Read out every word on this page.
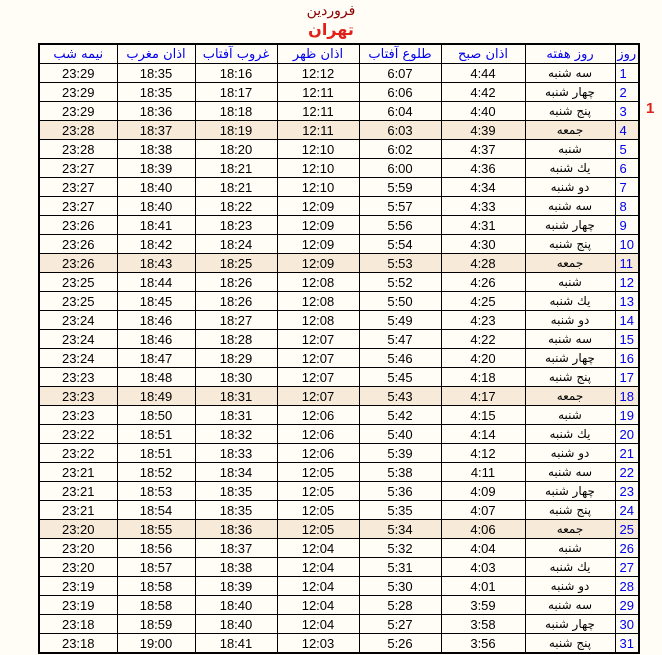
فروردين
تهران
1
روز	روز هفته	اذان صبح	طلوع آفتاب	اذان ظهر	غروب آفتاب	اذان مغرب	نيمه شب
1	سه شنبه	4:44	6:07	12:12	18:16	18:35	23:29
2	چهار شنبه	4:42	6:06	12:11	18:17	18:35	23:29
3	پنج شنبه	4:40	6:04	12:11	18:18	18:36	23:29
4	جمعه	4:39	6:03	12:11	18:19	18:37	23:28
5	شنبه	4:37	6:02	12:10	18:20	18:38	23:28
6	يك شنبه	4:36	6:00	12:10	18:21	18:39	23:27
7	دو شنبه	4:34	5:59	12:10	18:21	18:40	23:27
8	سه شنبه	4:33	5:57	12:09	18:22	18:40	23:27
9	چهار شنبه	4:31	5:56	12:09	18:23	18:41	23:26
10	پنج شنبه	4:30	5:54	12:09	18:24	18:42	23:26
11	جمعه	4:28	5:53	12:09	18:25	18:43	23:26
12	شنبه	4:26	5:52	12:08	18:26	18:44	23:25
13	يك شنبه	4:25	5:50	12:08	18:26	18:45	23:25
14	دو شنبه	4:23	5:49	12:08	18:27	18:46	23:24
15	سه شنبه	4:22	5:47	12:07	18:28	18:46	23:24
16	چهار شنبه	4:20	5:46	12:07	18:29	18:47	23:24
17	پنج شنبه	4:18	5:45	12:07	18:30	18:48	23:23
18	جمعه	4:17	5:43	12:07	18:31	18:49	23:23
19	شنبه	4:15	5:42	12:06	18:31	18:50	23:23
20	يك شنبه	4:14	5:40	12:06	18:32	18:51	23:22
21	دو شنبه	4:12	5:39	12:06	18:33	18:51	23:22
22	سه شنبه	4:11	5:38	12:05	18:34	18:52	23:21
23	چهار شنبه	4:09	5:36	12:05	18:35	18:53	23:21
24	پنج شنبه	4:07	5:35	12:05	18:35	18:54	23:21
25	جمعه	4:06	5:34	12:05	18:36	18:55	23:20
26	شنبه	4:04	5:32	12:04	18:37	18:56	23:20
27	يك شنبه	4:03	5:31	12:04	18:38	18:57	23:20
28	دو شنبه	4:01	5:30	12:04	18:39	18:58	23:19
29	سه شنبه	3:59	5:28	12:04	18:40	18:58	23:19
30	چهار شنبه	3:58	5:27	12:04	18:40	18:59	23:18
31	پنج شنبه	3:56	5:26	12:03	18:41	19:00	23:18
